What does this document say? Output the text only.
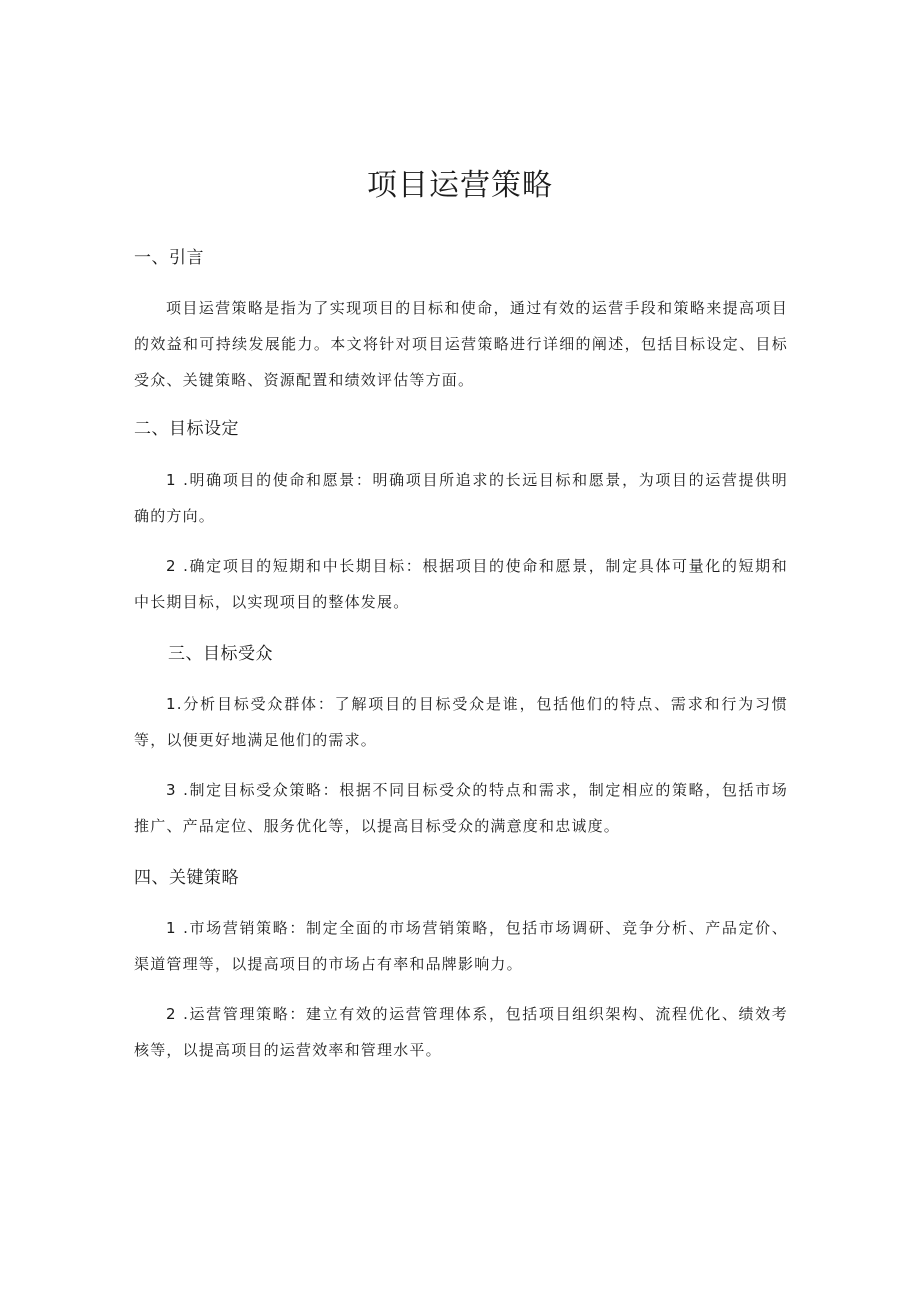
项目运营策略
一、引言
项目运营策略是指为了实现项目的目标和使命，通过有效的运营手段和策略来提高项目的效益和可持续发展能力。本文将针对项目运营策略进行详细的阐述，包括目标设定、目标受众、关键策略、资源配置和绩效评估等方面。
二、目标设定
1 .明确项目的使命和愿景：明确项目所追求的长远目标和愿景，为项目的运营提供明确的方向。
2 .确定项目的短期和中长期目标：根据项目的使命和愿景，制定具体可量化的短期和中长期目标，以实现项目的整体发展。
三、目标受众
1.分析目标受众群体：了解项目的目标受众是谁，包括他们的特点、需求和行为习惯等，以便更好地满足他们的需求。
3 .制定目标受众策略：根据不同目标受众的特点和需求，制定相应的策略，包括市场推广、产品定位、服务优化等，以提高目标受众的满意度和忠诚度。
四、关键策略
1 .市场营销策略：制定全面的市场营销策略，包括市场调研、竞争分析、产品定价、渠道管理等，以提高项目的市场占有率和品牌影响力。
2 .运营管理策略：建立有效的运营管理体系，包括项目组织架构、流程优化、绩效考核等，以提高项目的运营效率和管理水平。
